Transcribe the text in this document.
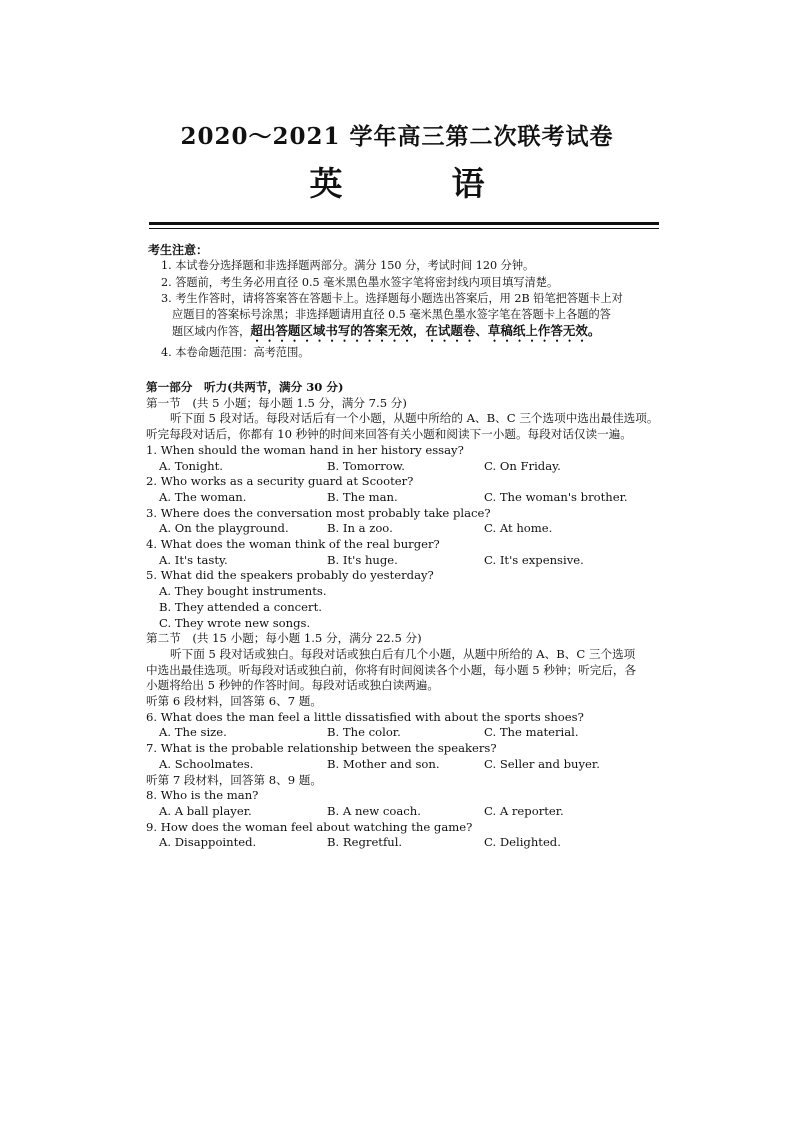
2020～2021 学年高三第二次联考试卷
英　语
考生注意：
1. 本试卷分选择题和非选择题两部分。满分 150 分，考试时间 120 分钟。
2. 答题前，考生务必用直径 0.5 毫米黑色墨水签字笔将密封线内项目填写清楚。
3. 考生作答时，请将答案答在答题卡上。选择题每小题选出答案后，用 2B 铅笔把答题卡上对
应题目的答案标号涂黑；非选择题请用直径 0.5 毫米黑色墨水签字笔在答题卡上各题的答
题区域内作答，超出答题区域书写的答案无效，在试题卷、草稿纸上作答无效。
4. 本卷命题范围：高考范围。
第一部分　听力(共两节，满分 30 分)
第一节　(共 5 小题；每小题 1.5 分，满分 7.5 分)
听下面 5 段对话。每段对话后有一个小题，从题中所给的 A、B、C 三个选项中选出最佳选项。
听完每段对话后，你都有 10 秒钟的时间来回答有关小题和阅读下一小题。每段对话仅读一遍。
1. When should the woman hand in her history essay?
A. Tonight.	B. Tomorrow.	C. On Friday.
2. Who works as a security guard at Scooter?
A. The woman.	B. The man.	C. The woman's brother.
3. Where does the conversation most probably take place?
A. On the playground.	B. In a zoo.	C. At home.
4. What does the woman think of the real burger?
A. It's tasty.	B. It's huge.	C. It's expensive.
5. What did the speakers probably do yesterday?
A. They bought instruments.
B. They attended a concert.
C. They wrote new songs.
第二节　(共 15 小题；每小题 1.5 分，满分 22.5 分)
听下面 5 段对话或独白。每段对话或独白后有几个小题，从题中所给的 A、B、C 三个选项
中选出最佳选项。听每段对话或独白前，你将有时间阅读各个小题，每小题 5 秒钟；听完后，各
小题将给出 5 秒钟的作答时间。每段对话或独白读两遍。
听第 6 段材料，回答第 6、7 题。
6. What does the man feel a little dissatisfied with about the sports shoes?
A. The size.	B. The color.	C. The material.
7. What is the probable relationship between the speakers?
A. Schoolmates.	B. Mother and son.	C. Seller and buyer.
听第 7 段材料，回答第 8、9 题。
8. Who is the man?
A. A ball player.	B. A new coach.	C. A reporter.
9. How does the woman feel about watching the game?
A. Disappointed.	B. Regretful.	C. Delighted.
